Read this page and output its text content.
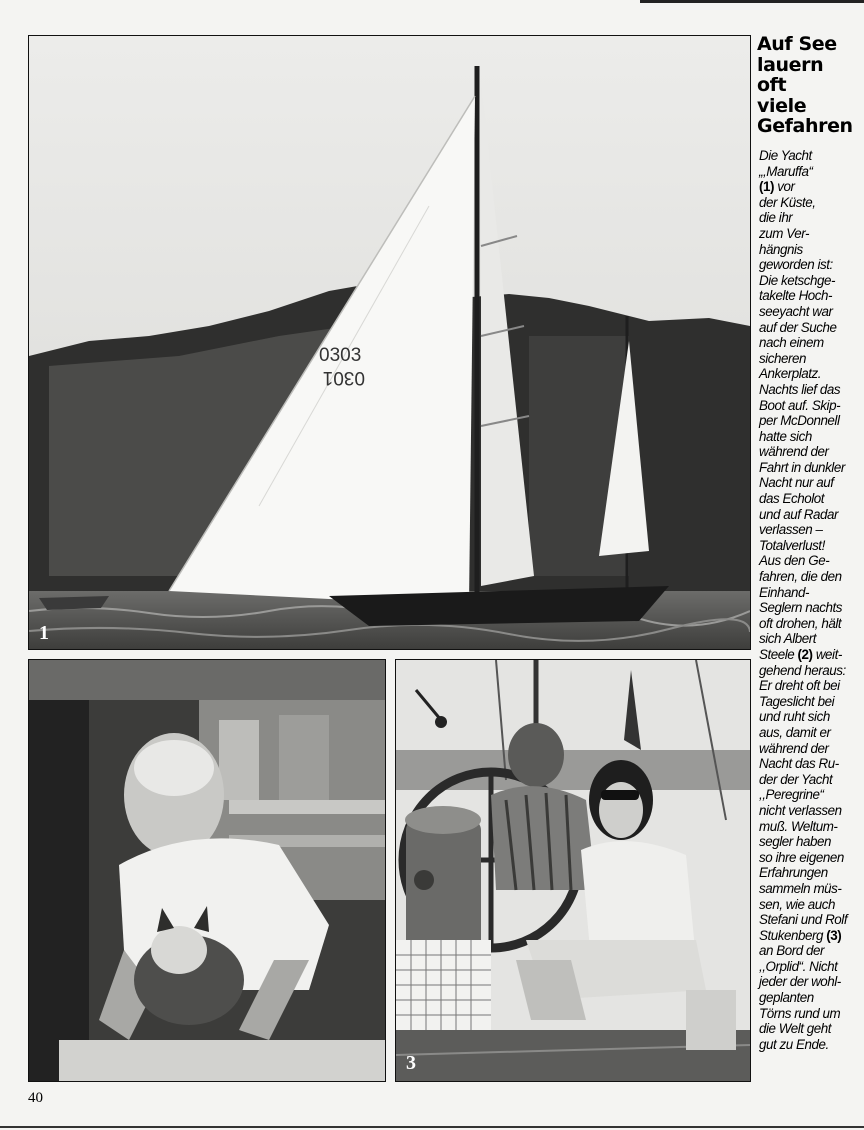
0303
0301
1
3
Auf See
lauern
oft
viele
Gefahren
Die Yacht
„,Maruffa“
(1) vor
der Küste,
die ihr
zum Ver-
hängnis
geworden ist:
Die ketschge-
takelte Hoch-
seeyacht war
auf der Suche
nach einem
sicheren
Ankerplatz.
Nachts lief das
Boot auf. Skip-
per McDonnell
hatte sich
während der
Fahrt in dunkler
Nacht nur auf
das Echolot
und auf Radar
verlassen –
Totalverlust!
Aus den Ge-
fahren, die den
Einhand-
Seglern nachts
oft drohen, hält
sich Albert
Steele (2) weit-
gehend heraus:
Er dreht oft bei
Tageslicht bei
und ruht sich
aus, damit er
während der
Nacht das Ru-
der der Yacht
,,Peregrine“
nicht verlassen
muß. Weltum-
segler haben
so ihre eigenen
Erfahrungen
sammeln müs-
sen, wie auch
Stefani und Rolf
Stukenberg (3)
an Bord der
,,Orplid“. Nicht
jeder der wohl-
geplanten
Törns rund um
die Welt geht
gut zu Ende.
40
